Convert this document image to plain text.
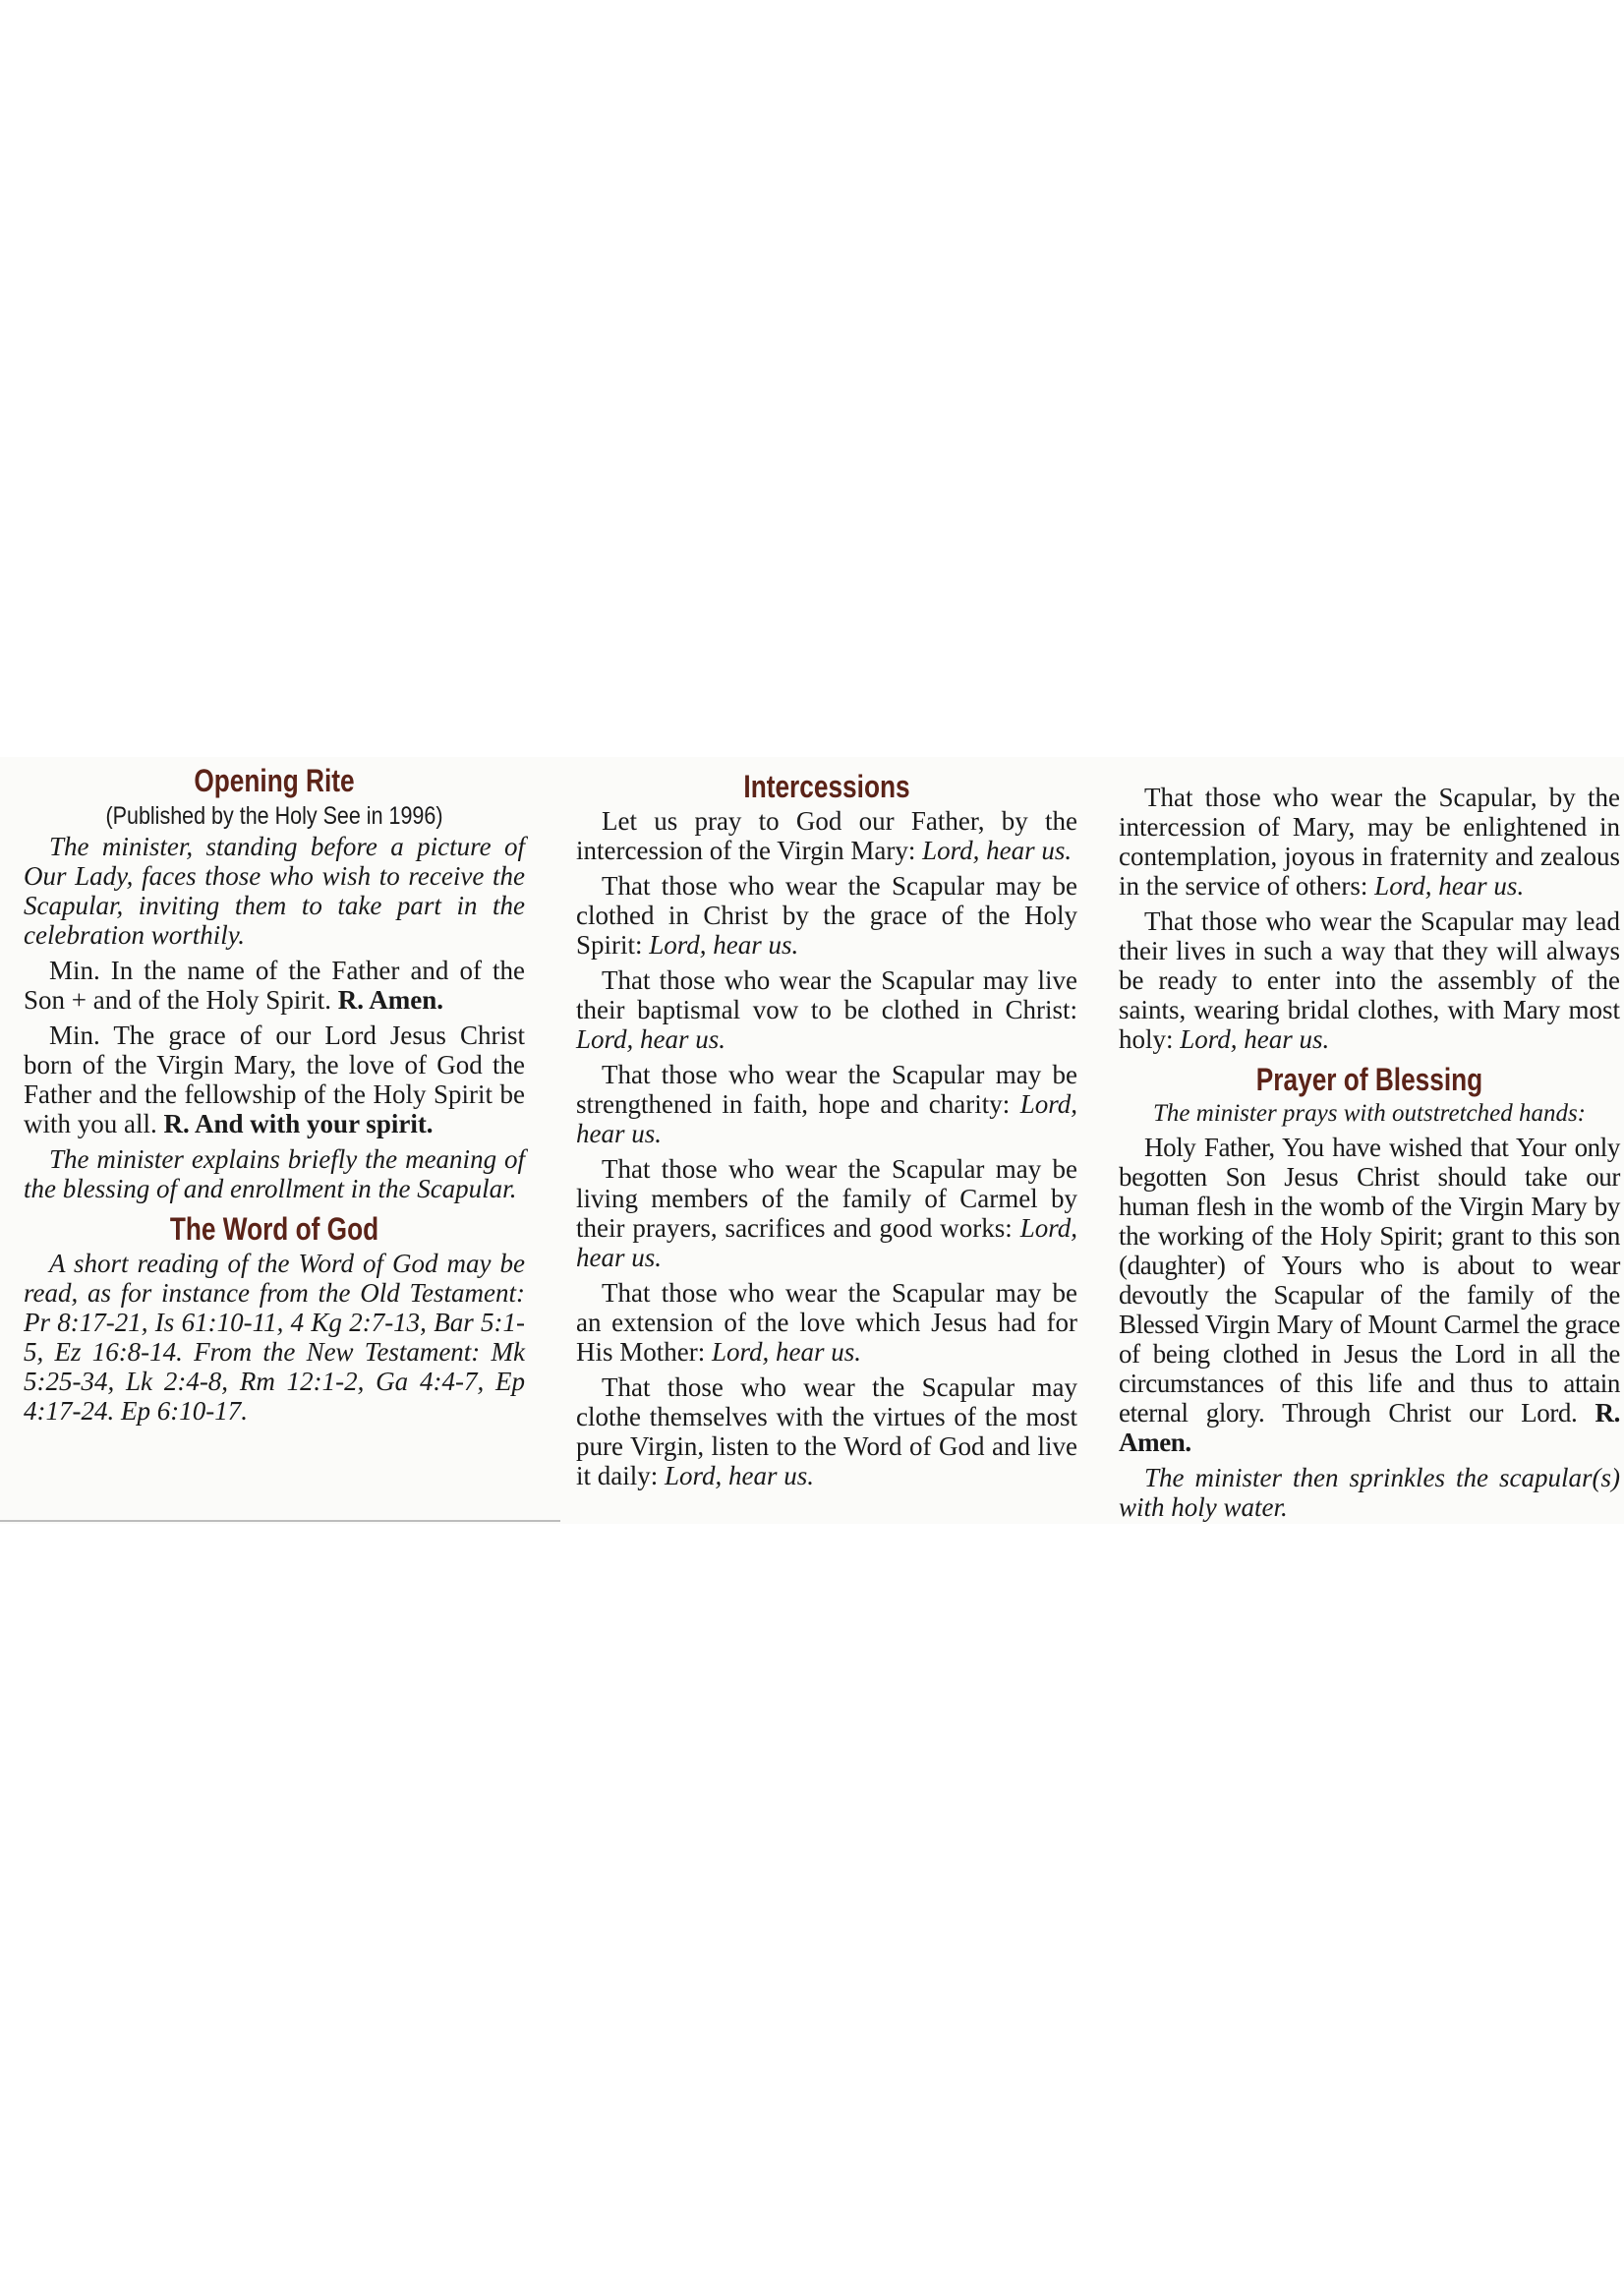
Opening Rite
(Published by the Holy See in 1996)

The minister, standing before a picture of Our Lady, faces those who wish to receive the Scapular, inviting them to take part in the celebration worthily.

Min. In the name of the Father and of the Son + and of the Holy Spirit. R. Amen.

Min. The grace of our Lord Jesus Christ born of the Virgin Mary, the love of God the Father and the fellowship of the Holy Spirit be with you all. R. And with your spirit.

The minister explains briefly the meaning of the blessing of and enrollment in the Scapular.

The Word of God

A short reading of the Word of God may be read, as for instance from the Old Testament: Pr 8:17-21, Is 61:10-11, 4 Kg 2:7-13, Bar 5:1-5, Ez 16:8-14. From the New Testament: Mk 5:25-34, Lk 2:4-8, Rm 12:1-2, Ga 4:4-7, Ep 4:17-24. Ep 6:10-17.

Intercessions

Let us pray to God our Father, by the intercession of the Virgin Mary: Lord, hear us.

That those who wear the Scapular may be clothed in Christ by the grace of the Holy Spirit: Lord, hear us.

That those who wear the Scapular may live their baptismal vow to be clothed in Christ: Lord, hear us.

That those who wear the Scapular may be strengthened in faith, hope and charity: Lord, hear us.

That those who wear the Scapular may be living members of the family of Carmel by their prayers, sacrifices and good works: Lord, hear us.

That those who wear the Scapular may be an extension of the love which Jesus had for His Mother: Lord, hear us.

That those who wear the Scapular may clothe themselves with the virtues of the most pure Virgin, listen to the Word of God and live it daily: Lord, hear us.

That those who wear the Scapular, by the intercession of Mary, may be enlightened in contemplation, joyous in fraternity and zealous in the service of others: Lord, hear us.

That those who wear the Scapular may lead their lives in such a way that they will always be ready to enter into the assembly of the saints, wearing bridal clothes, with Mary most holy: Lord, hear us.

Prayer of Blessing
The minister prays with outstretched hands:

Holy Father, You have wished that Your only begotten Son Jesus Christ should take our human flesh in the womb of the Virgin Mary by the working of the Holy Spirit; grant to this son (daughter) of Yours who is about to wear devoutly the Scapular of the family of the Blessed Virgin Mary of Mount Carmel the grace of being clothed in Jesus the Lord in all the circumstances of this life and thus to attain eternal glory. Through Christ our Lord. R. Amen.

The minister then sprinkles the scapular(s) with holy water.
